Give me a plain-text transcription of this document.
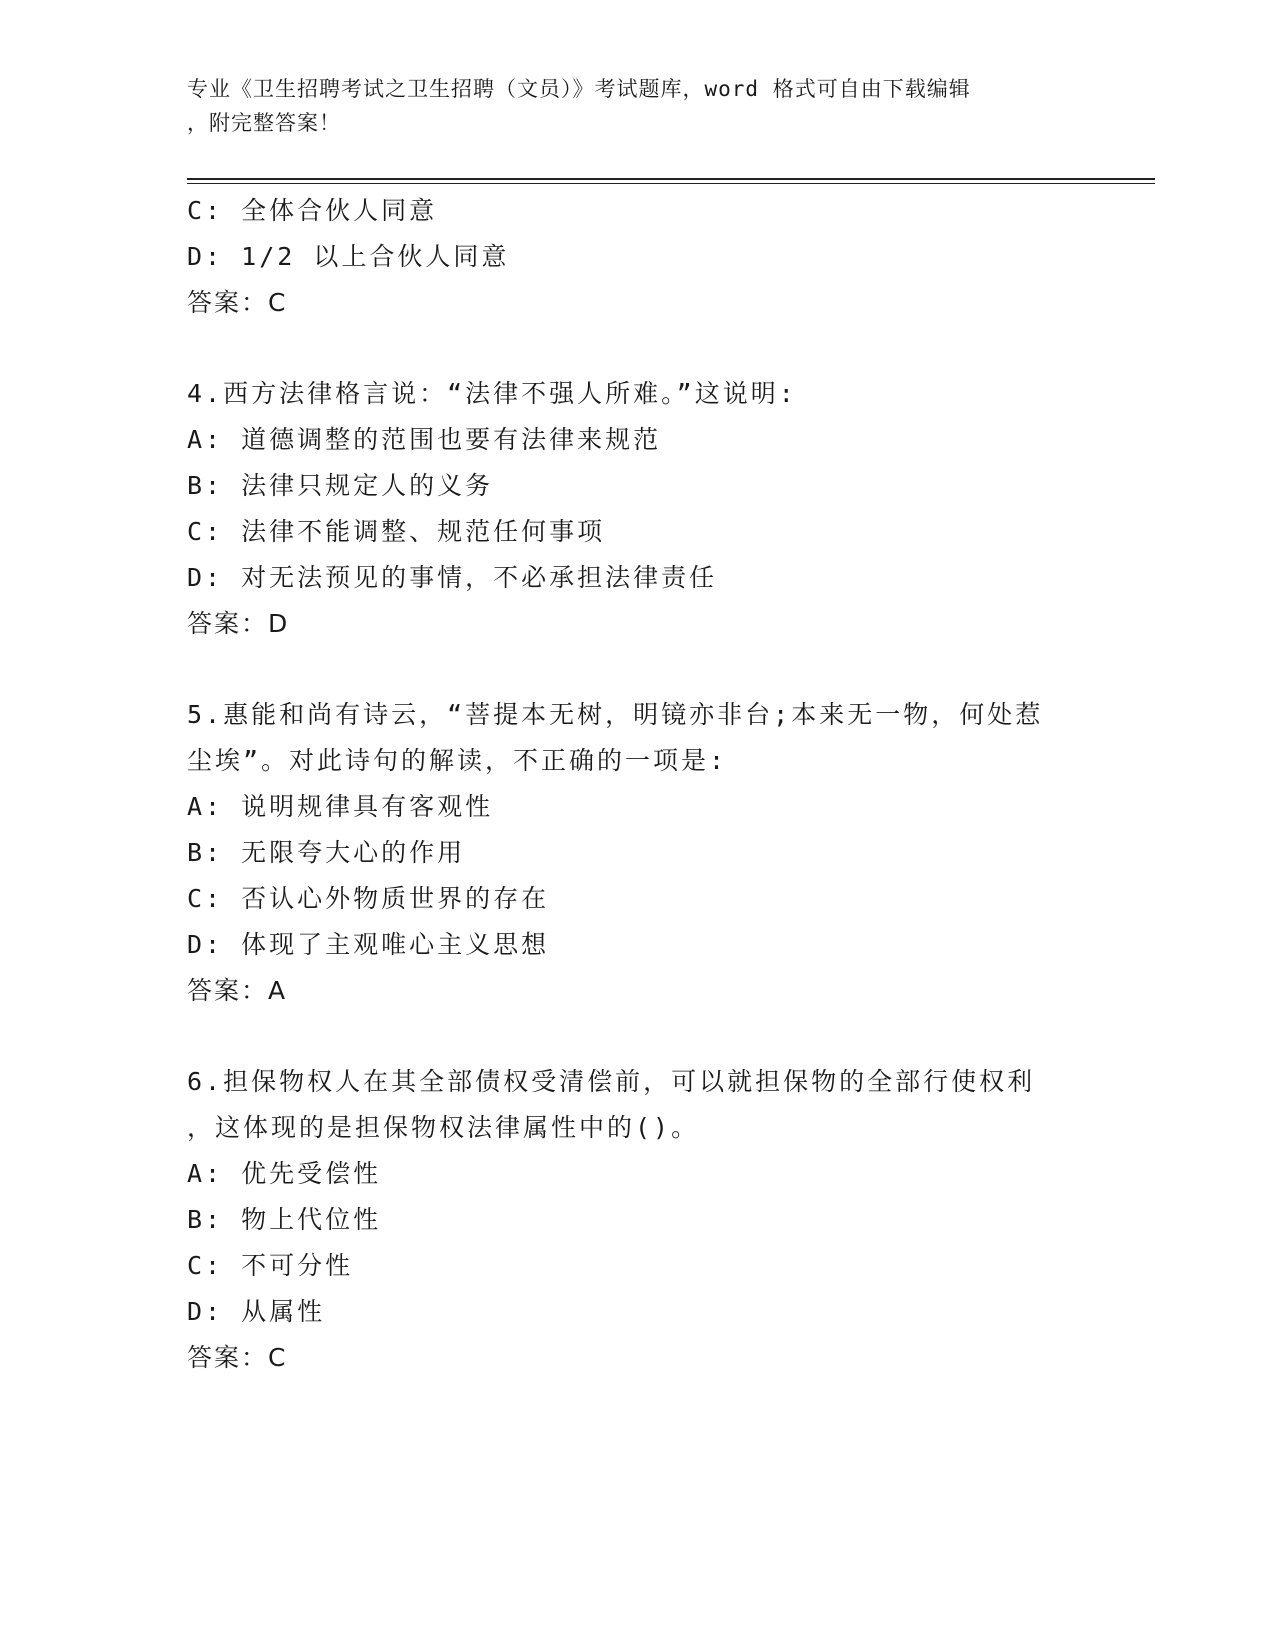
专业《卫生招聘考试之卫生招聘（文员）》考试题库，word 格式可自由下载编辑
，附完整答案！
C: 全体合伙人同意
D: 1/2 以上合伙人同意
答案：C
4.西方法律格言说：“法律不强人所难。”这说明:
A: 道德调整的范围也要有法律来规范
B: 法律只规定人的义务
C: 法律不能调整、规范任何事项
D: 对无法预见的事情，不必承担法律责任
答案：D
5.惠能和尚有诗云，“菩提本无树，明镜亦非台;本来无一物，何处惹
尘埃”。对此诗句的解读，不正确的一项是:
A: 说明规律具有客观性
B: 无限夸大心的作用
C: 否认心外物质世界的存在
D: 体现了主观唯心主义思想
答案：A
6.担保物权人在其全部债权受清偿前，可以就担保物的全部行使权利
，这体现的是担保物权法律属性中的()。
A: 优先受偿性
B: 物上代位性
C: 不可分性
D: 从属性
答案：C
